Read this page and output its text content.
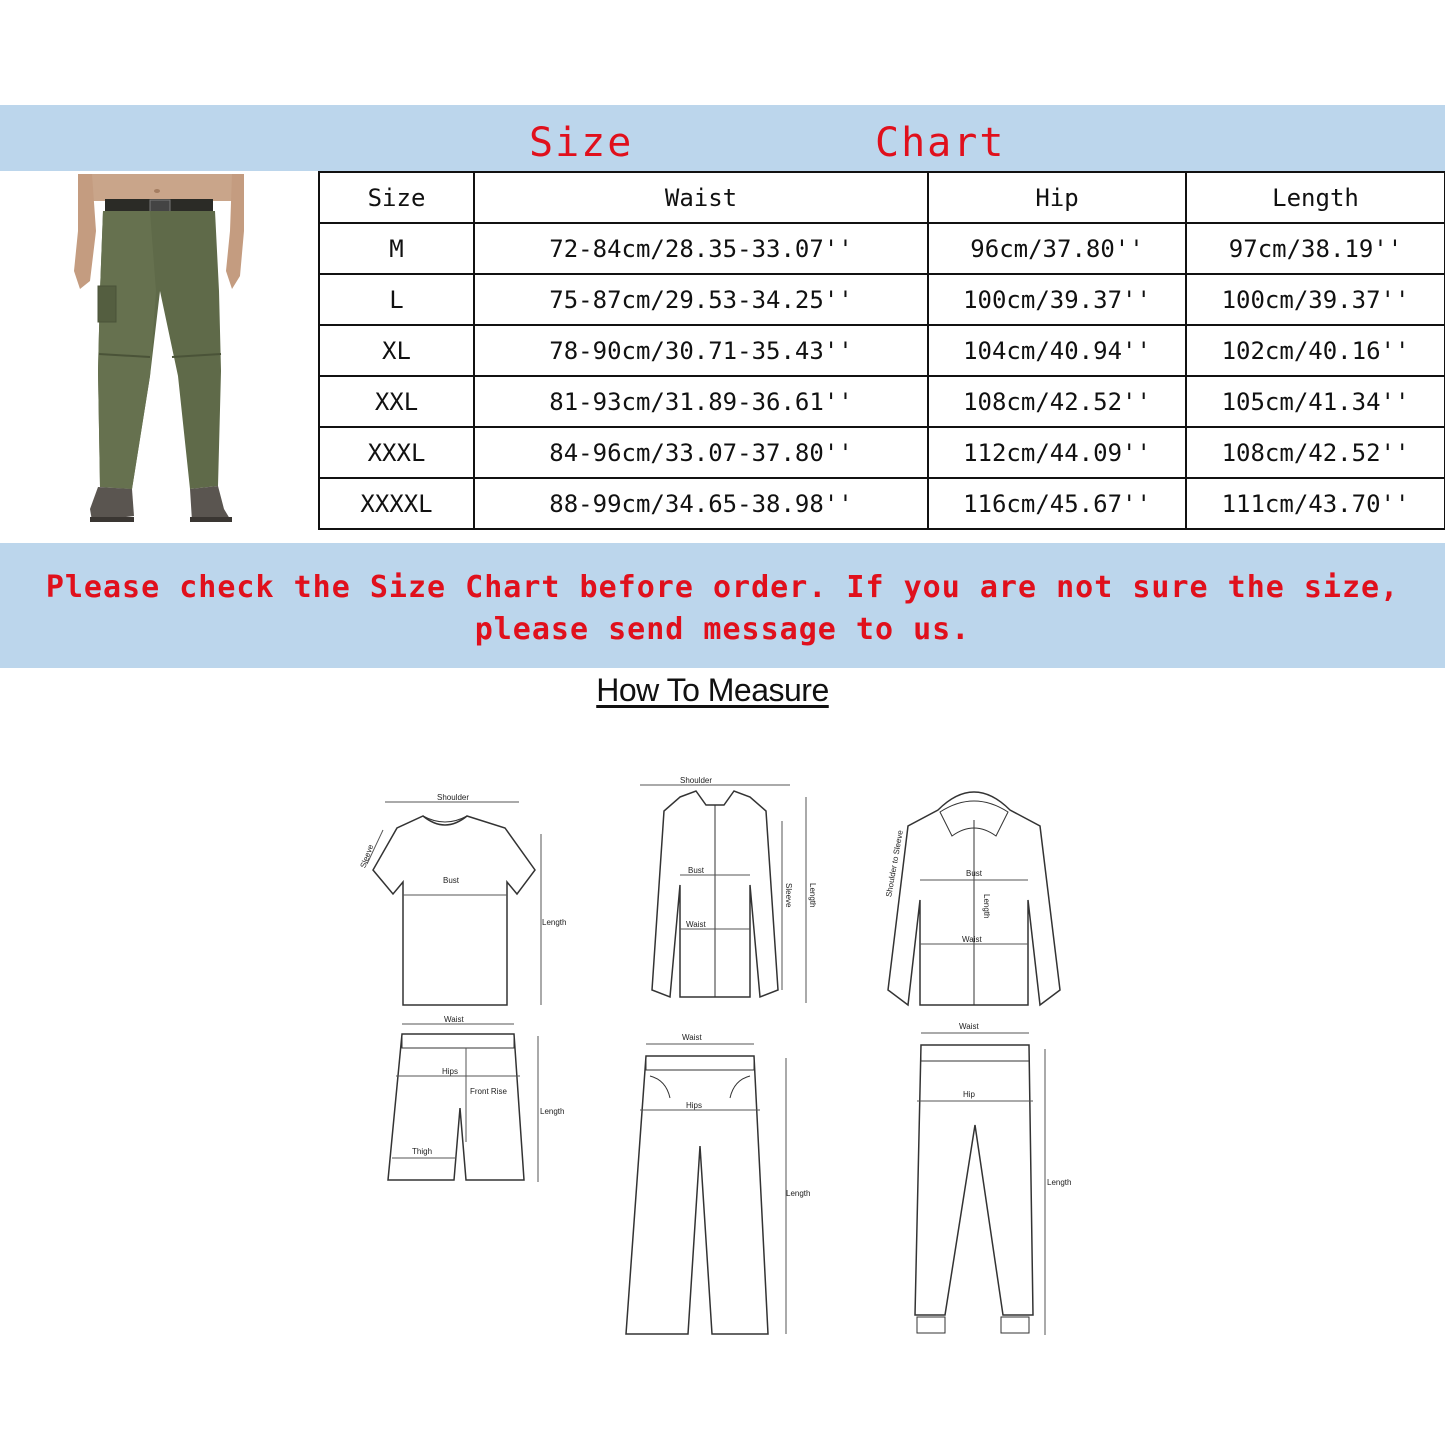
Size	Chart
Size	Waist	Hip	Length
M	72-84cm/28.35-33.07''	96cm/37.80''	97cm/38.19''
L	75-87cm/29.53-34.25''	100cm/39.37''	100cm/39.37''
XL	78-90cm/30.71-35.43''	104cm/40.94''	102cm/40.16''
XXL	81-93cm/31.89-36.61''	108cm/42.52''	105cm/41.34''
XXXL	84-96cm/33.07-37.80''	112cm/44.09''	108cm/42.52''
XXXXL	88-99cm/34.65-38.98''	116cm/45.67''	111cm/43.70''
Please check the Size Chart before order. If you are not sure the size,
please send message to us.
How To Measure
Shoulder
Bust
Length
Sleeve
Shoulder
Bust
Waist
Sleeve Length
Bust
Waist
Length
Shoulder to Sleeve
Waist
Hips
Front Rise
Thigh
Length
Waist
Hips
Length
Waist
Hip
Length
